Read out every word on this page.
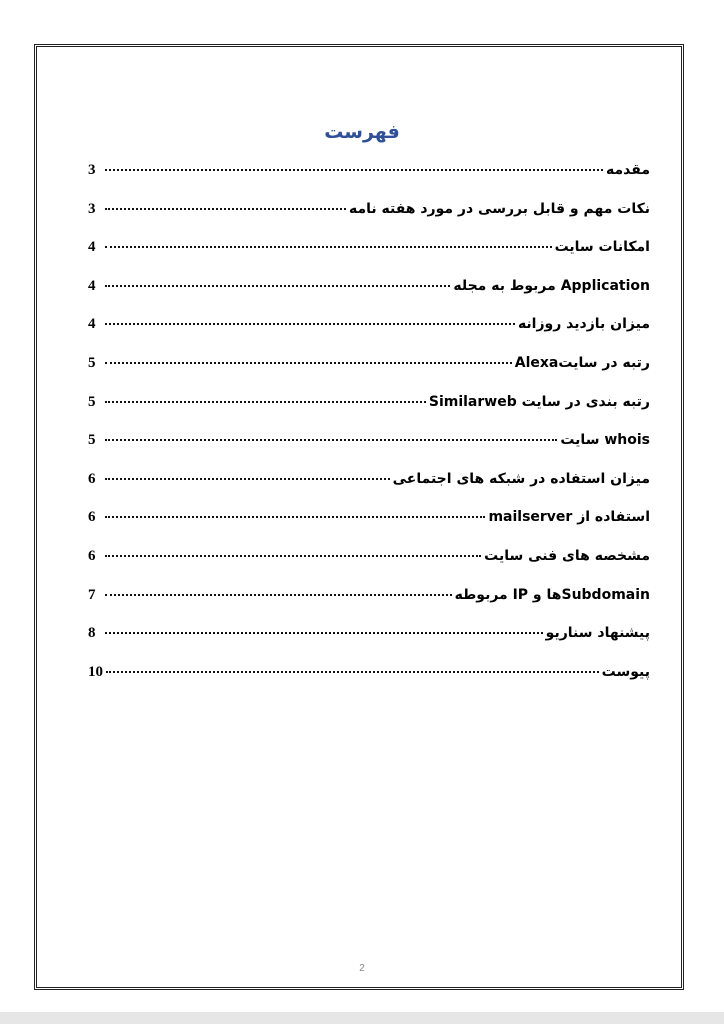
فهرست
3	مقدمه
3	نکات مهم و قابل بررسی در مورد هفته نامه
4	امکانات سایت
4	Application مربوط به مجله
4	میزان بازدید روزانه
5	رتبه در سایتAlexa
5	رتبه بندی در سایت Similarweb
5	whois سایت
6	میزان استفاده در شبکه های اجتماعی
6	استفاده از mailserver
6	مشخصه های فنی سایت
7	Subdomainها و IP مربوطه
8	پیشنهاد سناریو
10	پیوست
2
